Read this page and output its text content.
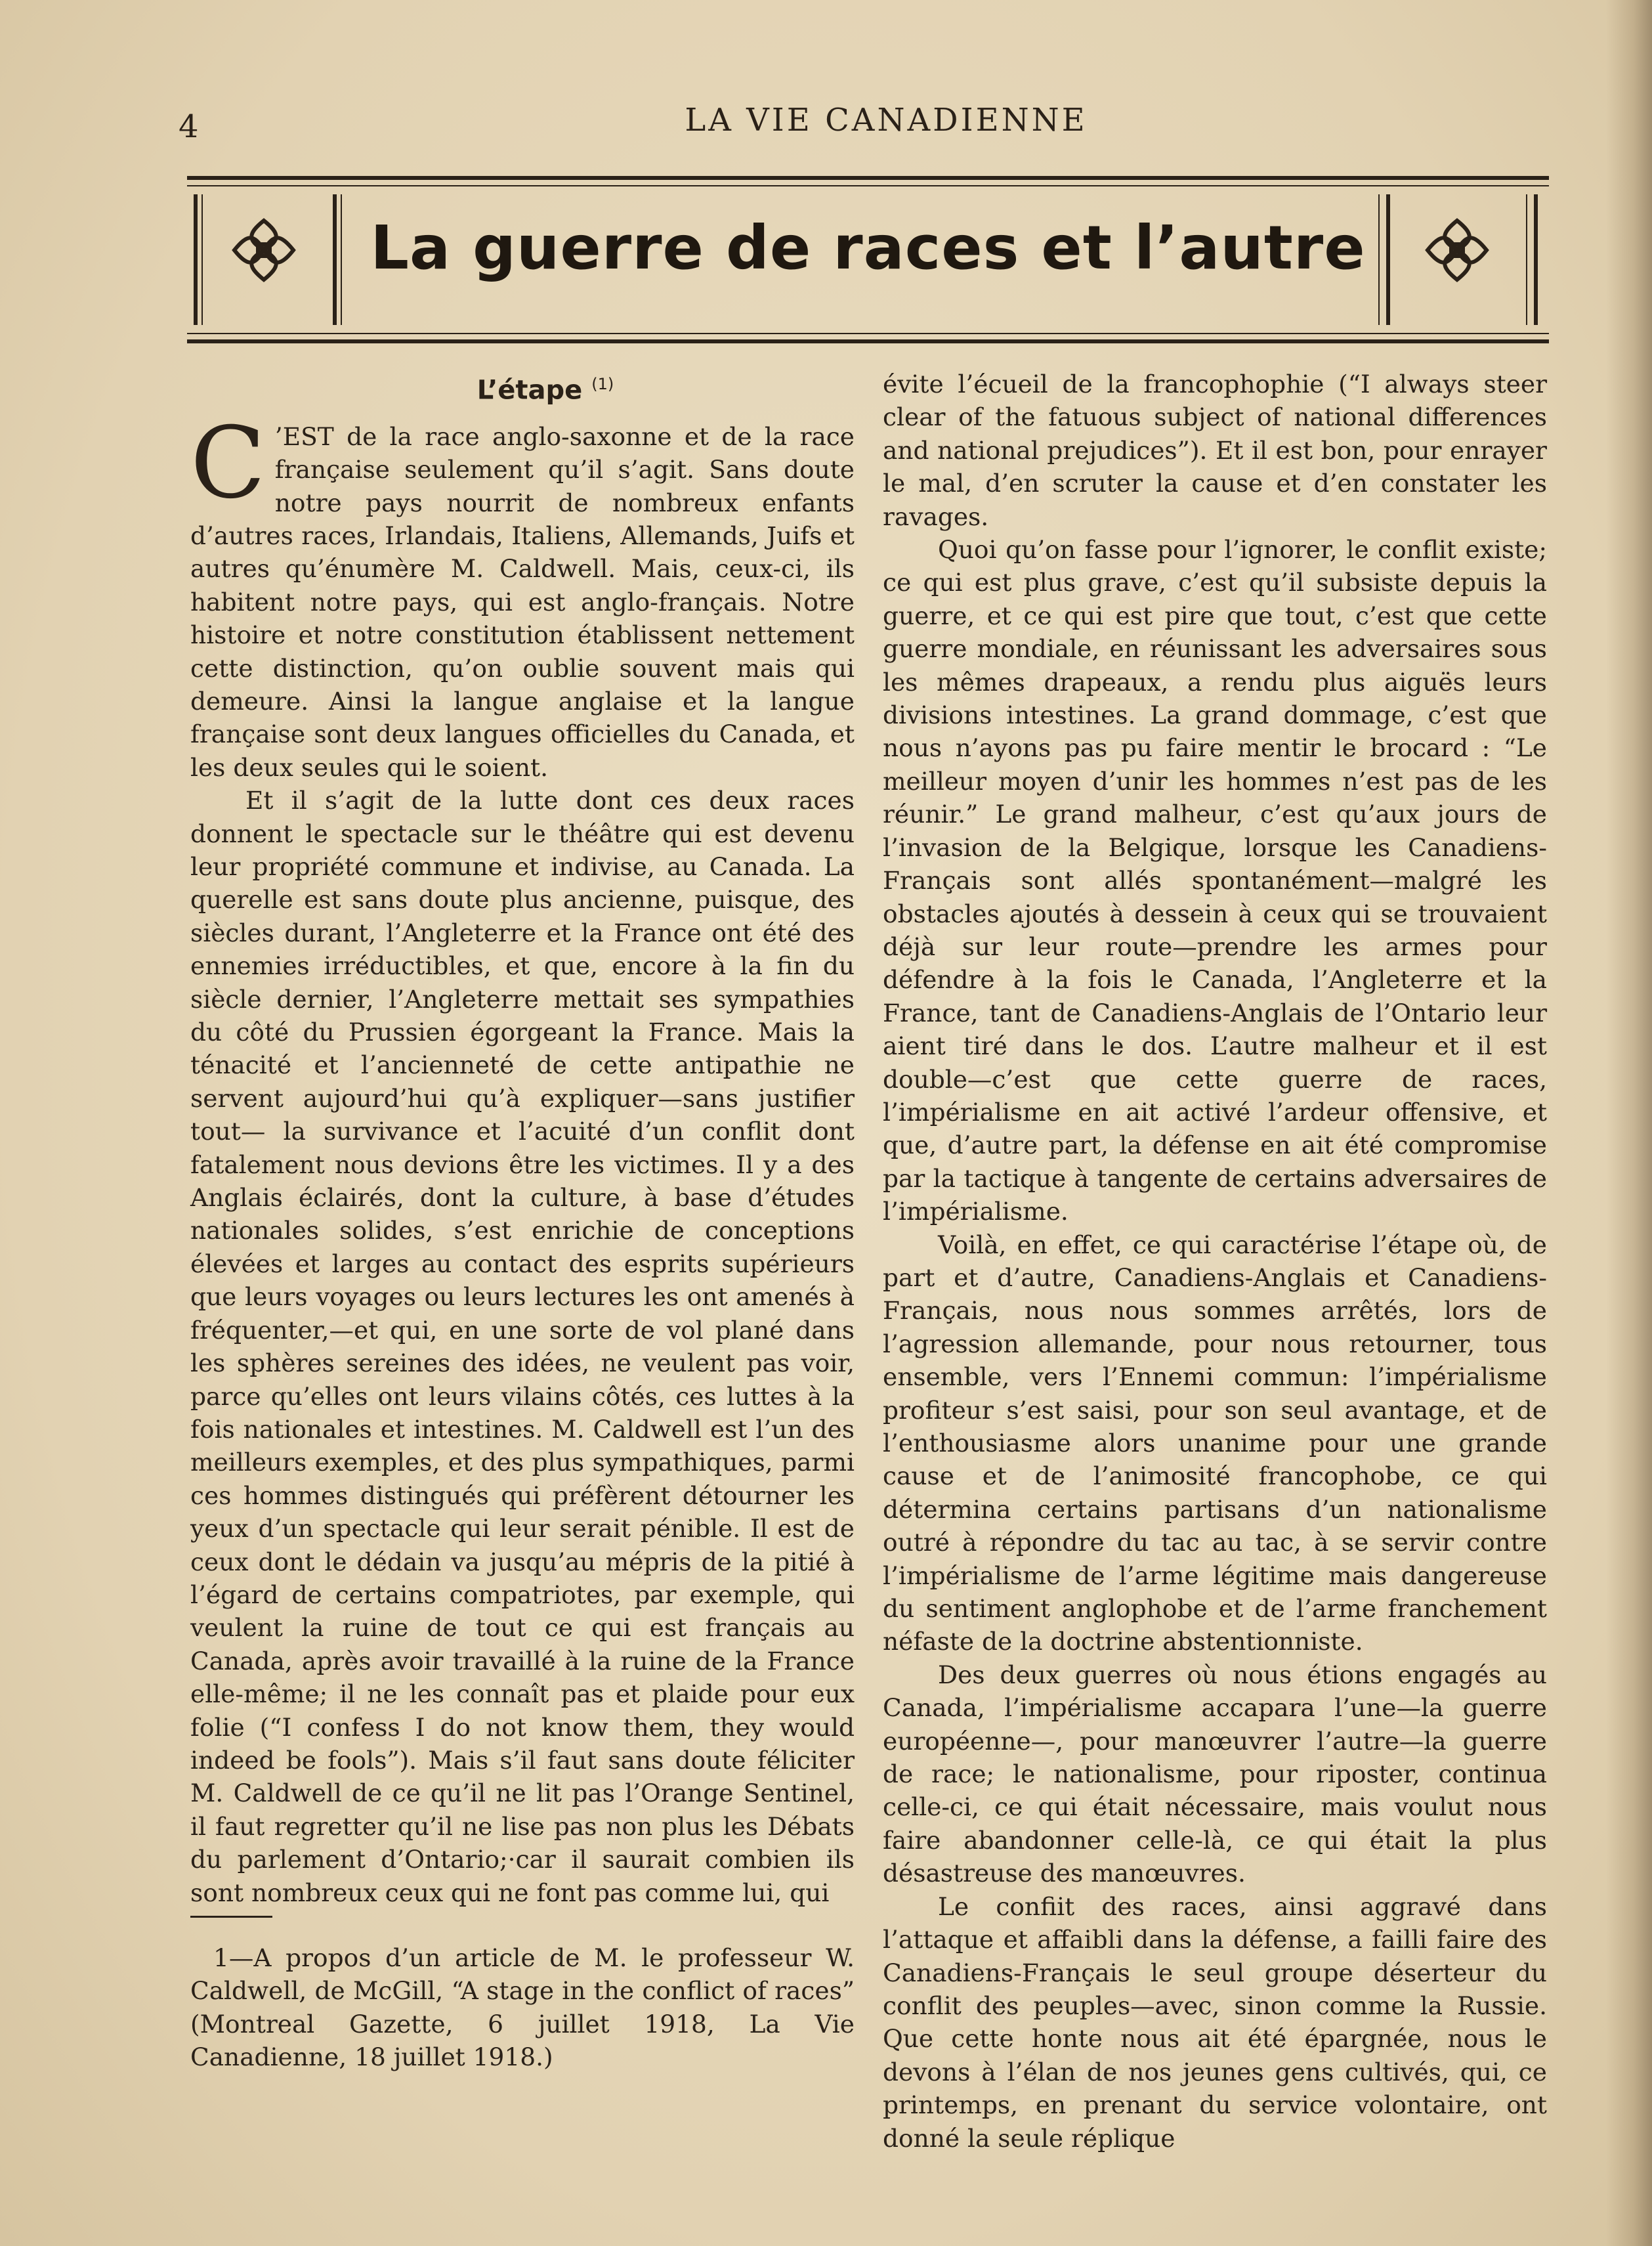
4	LA VIE CANADIENNE
La guerre de races et l’autre
L’étape $^{(1)}$

C ’EST de la race anglo-saxonne et de la race française seulement qu’il s’agit. Sans doute notre pays nourrit de nombreux enfants d’autres races, Irlandais, Italiens, Allemands, Juifs et autres qu’énumère M. Caldwell. Mais, ceux-ci, ils habitent notre pays, qui est anglo-français. Notre histoire et notre constitution établissent nettement cette distinction, qu’on oublie souvent mais qui demeure. Ainsi la langue anglaise et la langue française sont deux langues officielles du Canada, et les deux seules qui le soient.

Et il s’agit de la lutte dont ces deux races donnent le spectacle sur le théâtre qui est devenu leur propriété commune et indivise, au Canada. La querelle est sans doute plus ancienne, puisque, des siècles durant, l’Angleterre et la France ont été des ennemies irréductibles, et que, encore à la fin du siècle dernier, l’Angleterre mettait ses sympathies du côté du Prussien égorgeant la France. Mais la ténacité et l’ancienneté de cette antipathie ne servent aujourd’hui qu’à expliquer—sans justifier tout— la survivance et l’acuité d’un conflit dont fatalement nous devions être les victimes. Il y a des Anglais éclairés, dont la culture, à base d’études nationales solides, s’est enrichie de conceptions élevées et larges au contact des esprits supérieurs que leurs voyages ou leurs lectures les ont amenés à fréquenter,—et qui, en une sorte de vol plané dans les sphères sereines des idées, ne veulent pas voir, parce qu’elles ont leurs vilains côtés, ces luttes à la fois nationales et intestines. M. Caldwell est l’un des meilleurs exemples, et des plus sympathiques, parmi ces hommes distingués qui préfèrent détourner les yeux d’un spectacle qui leur serait pénible. Il est de ceux dont le dédain va jusqu’au mépris de la pitié à l’égard de certains compatriotes, par exemple, qui veulent la ruine de tout ce qui est français au Canada, après avoir travaillé à la ruine de la France elle-même; il ne les connaît pas et plaide pour eux folie (“I confess I do not know them, they would indeed be fools”). Mais s’il faut sans doute féliciter M. Caldwell de ce qu’il ne lit pas l’Orange Sentinel, il faut regretter qu’il ne lise pas non plus les Débats du parlement d’Ontario;·car il saurait combien ils sont nombreux ceux qui ne font pas comme lui, qui

évite l’écueil de la francophophie (“I always steer clear of the fatuous subject of national differences and national prejudices”). Et il est bon, pour enrayer le mal, d’en scruter la cause et d’en constater les ravages.

Quoi qu’on fasse pour l’ignorer, le conflit existe; ce qui est plus grave, c’est qu’il subsiste depuis la guerre, et ce qui est pire que tout, c’est que cette guerre mondiale, en réunissant les adversaires sous les mêmes drapeaux, a rendu plus aiguës leurs divisions intestines. La grand dommage, c’est que nous n’ayons pas pu faire mentir le brocard : “Le meilleur moyen d’unir les hommes n’est pas de les réunir.” Le grand malheur, c’est qu’aux jours de l’invasion de la Belgique, lorsque les Canadiens-Français sont allés spontanément—malgré les obstacles ajoutés à dessein à ceux qui se trouvaient déjà sur leur route—prendre les armes pour défendre à la fois le Canada, l’Angleterre et la France, tant de Canadiens-Anglais de l’Ontario leur aient tiré dans le dos. L’autre malheur et il est double—c’est que cette guerre de races, l’impérialisme en ait activé l’ardeur offensive, et que, d’autre part, la défense en ait été compromise par la tactique à tangente de certains adversaires de l’impérialisme.

Voilà, en effet, ce qui caractérise l’étape où, de part et d’autre, Canadiens-Anglais et Canadiens-Français, nous nous sommes arrêtés, lors de l’agression allemande, pour nous retourner, tous ensemble, vers l’Ennemi commun: l’impérialisme profiteur s’est saisi, pour son seul avantage, et de l’enthousiasme alors unanime pour une grande cause et de l’animosité francophobe, ce qui détermina certains partisans d’un nationalisme outré à répondre du tac au tac, à se servir contre l’impérialisme de l’arme légitime mais dangereuse du sentiment anglophobe et de l’arme franchement néfaste de la doctrine abstentionniste.

Des deux guerres où nous étions engagés au Canada, l’impérialisme accapara l’une—la guerre européenne—, pour manœuvrer l’autre—la guerre de race; le nationalisme, pour riposter, continua celle-ci, ce qui était nécessaire, mais voulut nous faire abandonner celle-là, ce qui était la plus désastreuse des manœuvres.

Le confiit des races, ainsi aggravé dans l’attaque et affaibli dans la défense, a failli faire des Canadiens-Français le seul groupe déserteur du conflit des peuples—avec, sinon comme la Russie. Que cette honte nous ait été épargnée, nous le devons à l’élan de nos jeunes gens cultivés, qui, ce printemps, en prenant du service volontaire, ont donné la seule réplique

1—A propos d’un article de M. le professeur W. Caldwell, de McGill, “A stage in the conflict of races” (Montreal Gazette, 6 juillet 1918, La Vie Canadienne, 18 juillet 1918.)
